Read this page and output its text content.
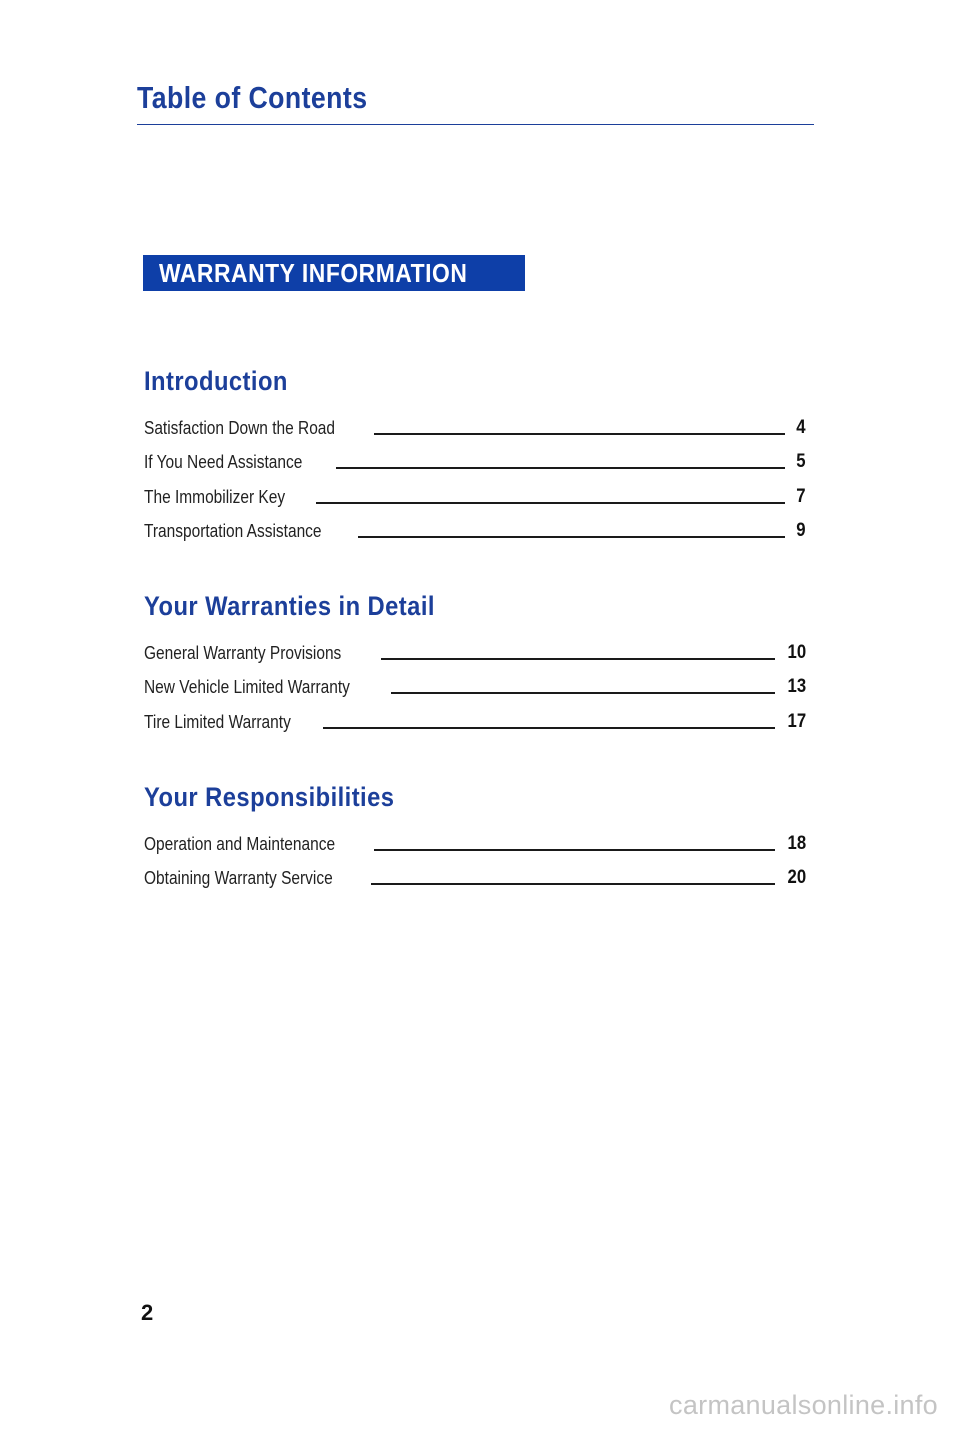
Table of Contents
WARRANTY INFORMATION
Introduction
Satisfaction Down the Road	4
If You Need Assistance	5
The Immobilizer Key	7
Transportation Assistance	9
Your Warranties in Detail
General Warranty Provisions	10
New Vehicle Limited Warranty	13
Tire Limited Warranty	17
Your Responsibilities
Operation and Maintenance	18
Obtaining Warranty Service	20
2
carmanualsonline.info
